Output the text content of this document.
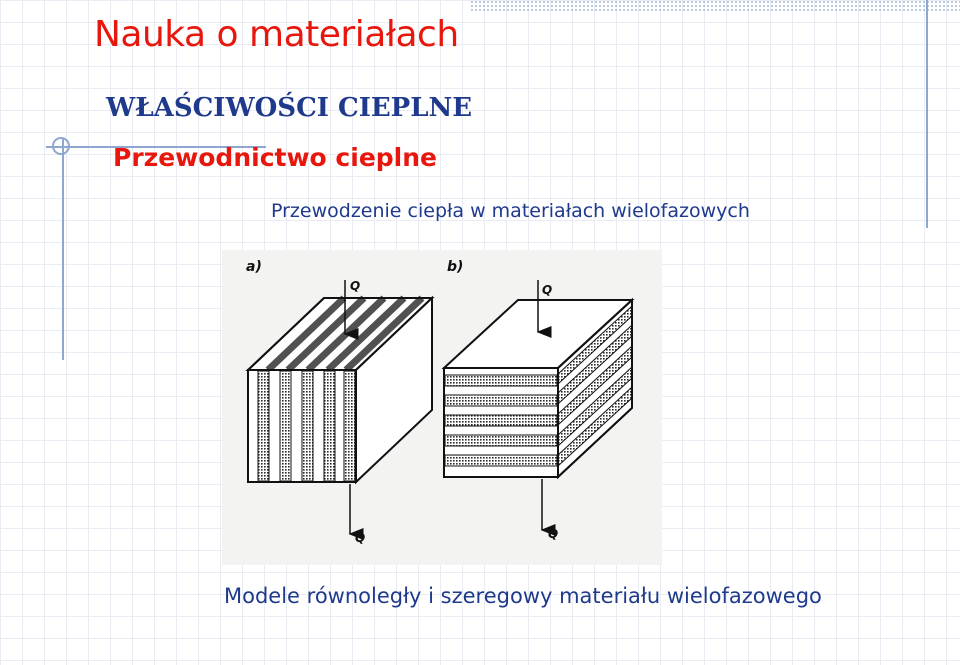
Nauka o materiałach
WŁAŚCIWOŚCI CIEPLNE
Przewodnictwo cieplne
Przewodzenie ciepła w materiałach wielofazowych
a)	b)
Q
Q
Q
Q
Modele równoległy i szeregowy materiału wielofazowego
